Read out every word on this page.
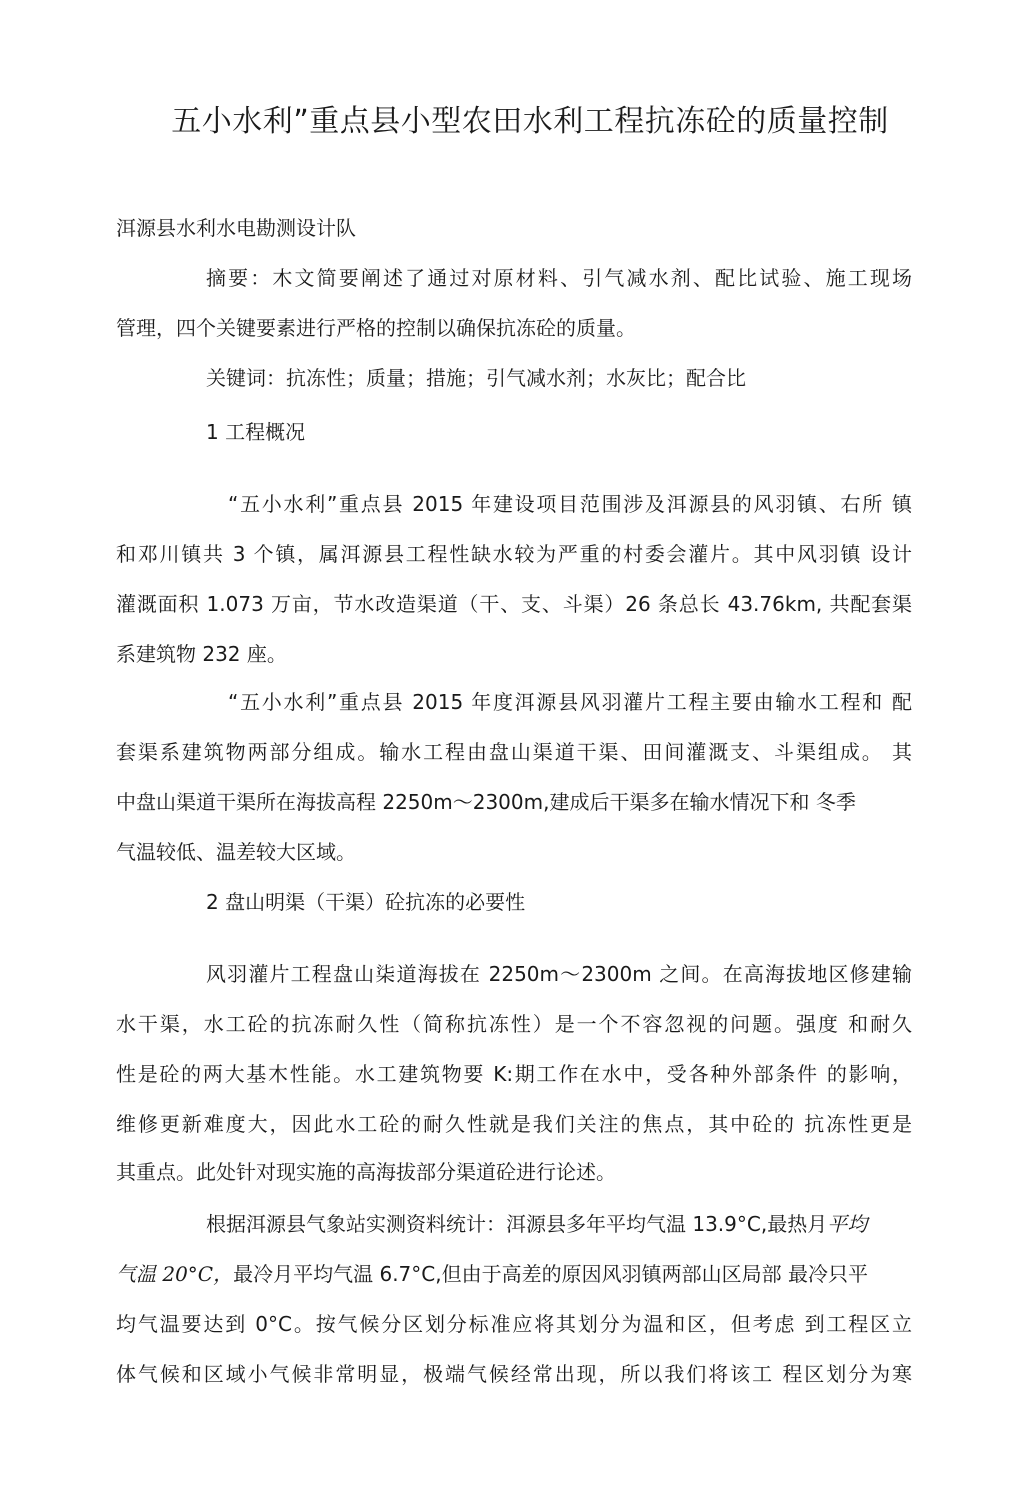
五小水利”重点县小型农田水利工程抗冻砼的质量控制

洱源县水利水电勘测设计队

摘要：木文简要阐述了通过对原材料、引气减水剂、配比试验、施工现场

管理，四个关键要素进行严格的控制以确保抗冻砼的质量。

关键词：抗冻性；质量；措施；引气减水剂；水灰比；配合比

1 工程概况

“五小水利”重点县 2015 年建设项目范围涉及洱源县的风羽镇、右所 镇

和邓川镇共 3 个镇，属洱源县工程性缺水较为严重的村委会灌片。其中风羽镇 设计

灌溉面积 1.073 万亩，节水改造渠道（干、支、斗渠）26 条总长 43.76km, 共配套渠

系建筑物 232 座。

“五小水利”重点县 2015 年度洱源县风羽灌片工程主要由输水工程和 配

套渠系建筑物两部分组成。输水工程由盘山渠道干渠、田间灌溉支、斗渠组成。 其

中盘山渠道干渠所在海拔高程 2250m～2300m,建成后干渠多在输水情况下和 冬季

气温较低、温差较大区域。

2 盘山明渠（干渠）砼抗冻的必要性

风羽灌片工程盘山柒道海拔在 2250m～2300m 之间。在高海拔地区修建输

水干渠，水工砼的抗冻耐久性（简称抗冻性）是一个不容忽视的问题。强度 和耐久

性是砼的两大基木性能。水工建筑物要 K:期工作在水中，受各种外部条件 的影响，

维修更新难度大，因此水工砼的耐久性就是我们关注的焦点，其中砼的 抗冻性更是

其重点。此处针对现实施的高海拔部分渠道砼进行论述。

根据洱源县气象站实测资料统计：洱源县多年平均气温 13.9°C,最热月平均

气温 20°C，最冷月平均气温 6.7°C,但由于高差的原因风羽镇两部山区局部 最冷只平

均气温要达到 0°C。按气候分区划分标准应将其划分为温和区，但考虑 到工程区立

体气候和区域小气候非常明显，极端气候经常出现，所以我们将该工 程区划分为寒
